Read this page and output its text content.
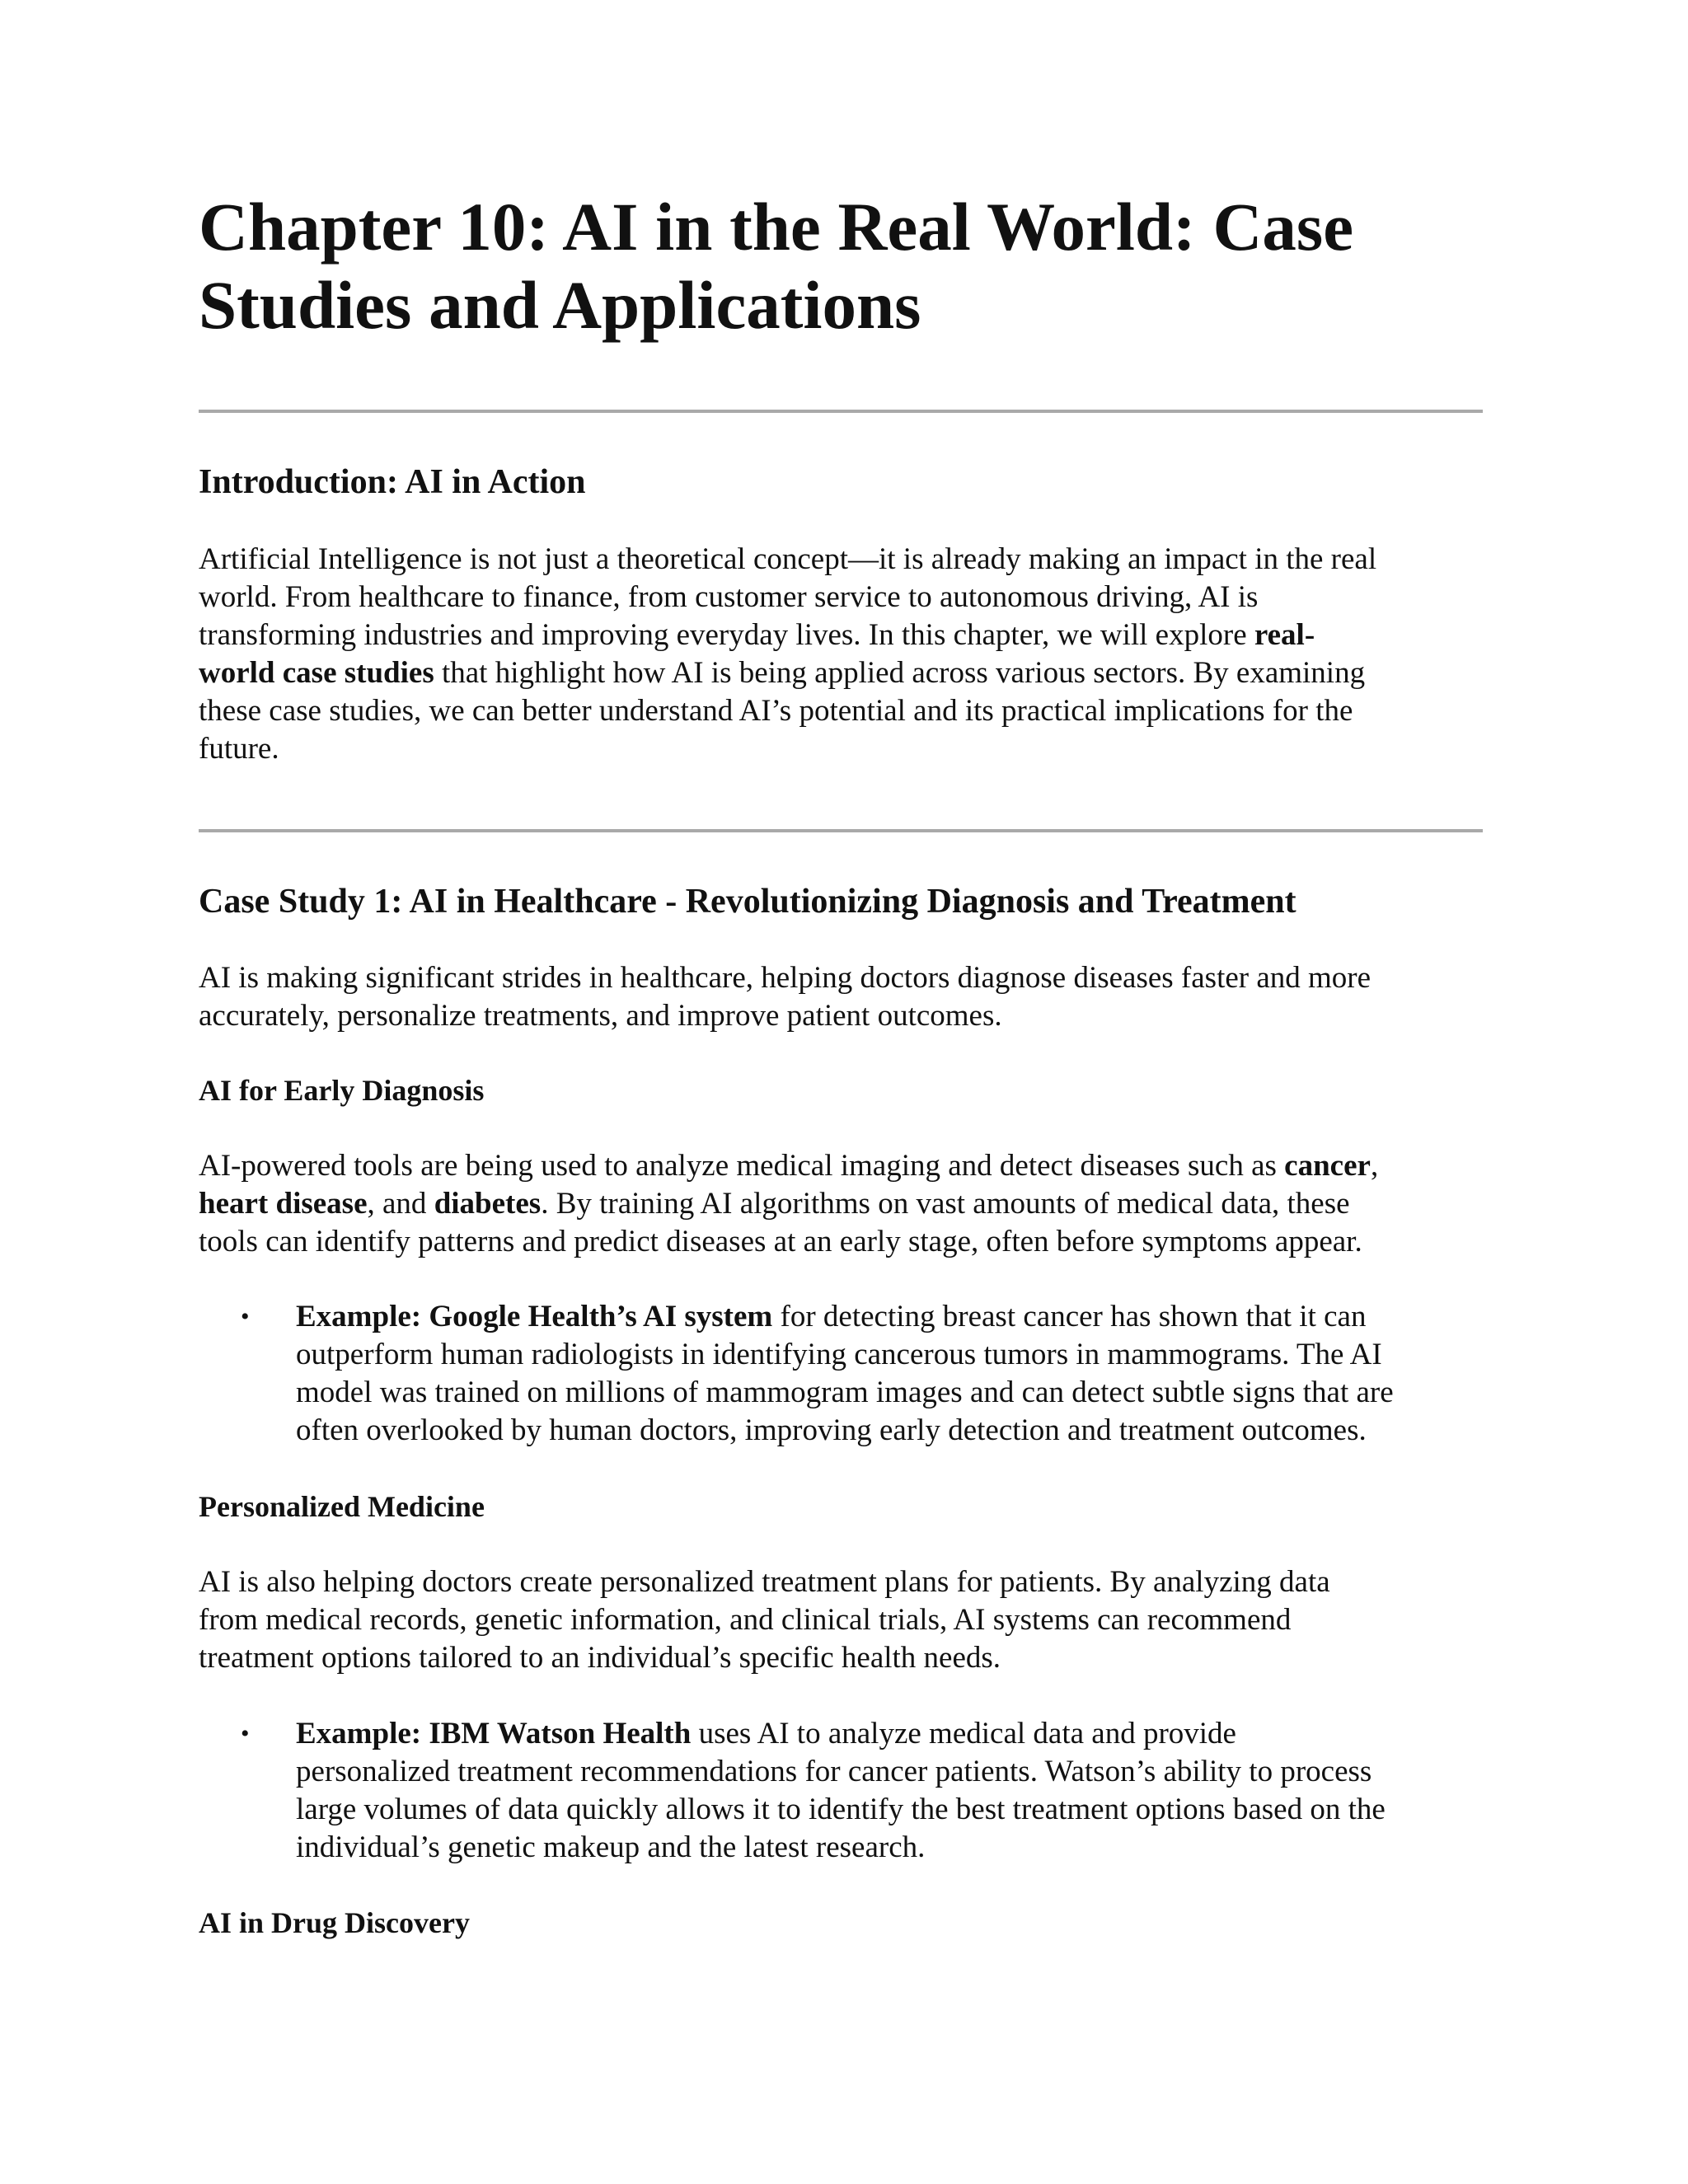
Chapter 10: AI in the Real World: Case
Studies and Applications
Introduction: AI in Action
Artificial Intelligence is not just a theoretical concept—it is already making an impact in the real
world. From healthcare to finance, from customer service to autonomous driving, AI is
transforming industries and improving everyday lives. In this chapter, we will explore real-
world case studies that highlight how AI is being applied across various sectors. By examining
these case studies, we can better understand AI’s potential and its practical implications for the
future.
Case Study 1: AI in Healthcare - Revolutionizing Diagnosis and Treatment
AI is making significant strides in healthcare, helping doctors diagnose diseases faster and more
accurately, personalize treatments, and improve patient outcomes.
AI for Early Diagnosis
AI-powered tools are being used to analyze medical imaging and detect diseases such as cancer,
heart disease, and diabetes. By training AI algorithms on vast amounts of medical data, these
tools can identify patterns and predict diseases at an early stage, often before symptoms appear.
• Example: Google Health’s AI system for detecting breast cancer has shown that it can
outperform human radiologists in identifying cancerous tumors in mammograms. The AI
model was trained on millions of mammogram images and can detect subtle signs that are
often overlooked by human doctors, improving early detection and treatment outcomes.
Personalized Medicine
AI is also helping doctors create personalized treatment plans for patients. By analyzing data
from medical records, genetic information, and clinical trials, AI systems can recommend
treatment options tailored to an individual’s specific health needs.
• Example: IBM Watson Health uses AI to analyze medical data and provide
personalized treatment recommendations for cancer patients. Watson’s ability to process
large volumes of data quickly allows it to identify the best treatment options based on the
individual’s genetic makeup and the latest research.
AI in Drug Discovery
